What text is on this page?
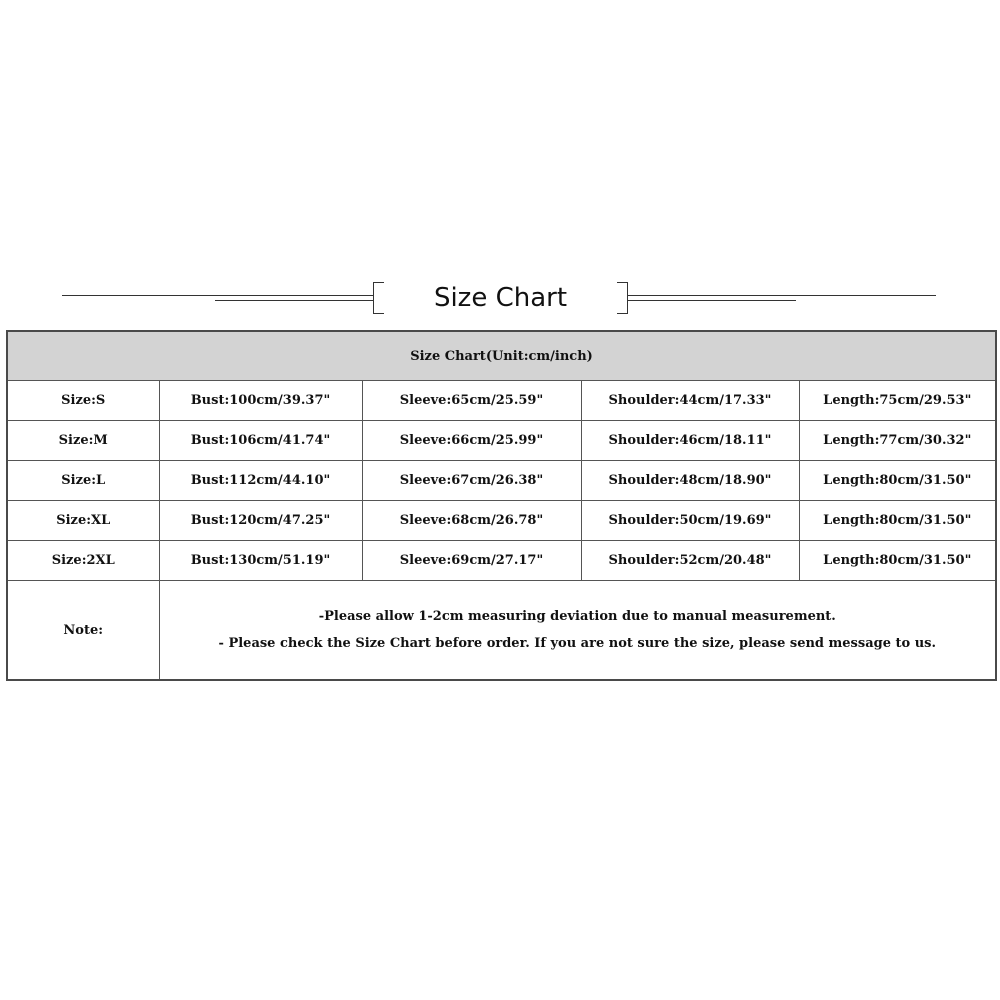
Size Chart
Size Chart(Unit:cm/inch)				
Size:S	Bust:100cm/39.37"	Sleeve:65cm/25.59"	Shoulder:44cm/17.33"	Length:75cm/29.53"
Size:M	Bust:106cm/41.74"	Sleeve:66cm/25.99"	Shoulder:46cm/18.11"	Length:77cm/30.32"
Size:L	Bust:112cm/44.10"	Sleeve:67cm/26.38"	Shoulder:48cm/18.90"	Length:80cm/31.50"
Size:XL	Bust:120cm/47.25"	Sleeve:68cm/26.78"	Shoulder:50cm/19.69"	Length:80cm/31.50"
Size:2XL	Bust:130cm/51.19"	Sleeve:69cm/27.17"	Shoulder:52cm/20.48"	Length:80cm/31.50"
Note:	-Please allow 1-2cm measuring deviation due to manual measurement.
- Please check the Size Chart before order. If you are not sure the size, please send message to us.			
